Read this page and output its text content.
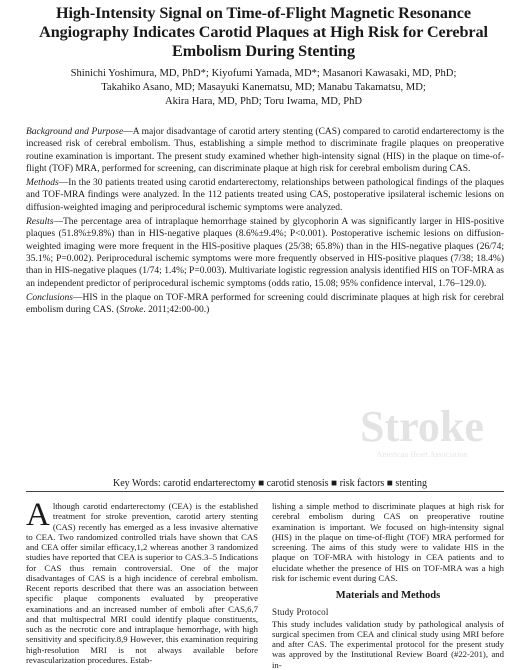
High-Intensity Signal on Time-of-Flight Magnetic Resonance Angiography Indicates Carotid Plaques at High Risk for Cerebral Embolism During Stenting
Shinichi Yoshimura, MD, PhD*; Kiyofumi Yamada, MD*; Masanori Kawasaki, MD, PhD;
Takahiko Asano, MD; Masayuki Kanematsu, MD; Manabu Takamatsu, MD;
Akira Hara, MD, PhD; Toru Iwama, MD, PhD

Background and Purpose—A major disadvantage of carotid artery stenting (CAS) compared to carotid endarterectomy is the increased risk of cerebral embolism. Thus, establishing a simple method to discriminate fragile plaques on preoperative routine examination is important. The present study examined whether high-intensity signal (HIS) in the plaque on time-of-flight (TOF) MRA, performed for screening, can discriminate plaque at high risk for cerebral embolism during CAS.

Methods—In the 30 patients treated using carotid endarterectomy, relationships between pathological findings of the plaques and TOF-MRA findings were analyzed. In the 112 patients treated using CAS, postoperative ipsilateral ischemic lesions on diffusion-weighted imaging and periprocedural ischemic symptoms were analyzed.

Results—The percentage area of intraplaque hemorrhage stained by glycophorin A was significantly larger in HIS-positive plaques (51.8%±9.8%) than in HIS-negative plaques (8.6%±9.4%; P<0.001). Postoperative ischemic lesions on diffusion-weighted imaging were more frequent in the HIS-positive plaques (25/38; 65.8%) than in the HIS-negative plaques (26/74; 35.1%; P=0.002). Periprocedural ischemic symptoms were more frequently observed in HIS-positive plaques (7/38; 18.4%) than in HIS-negative plaques (1/74; 1.4%; P=0.003). Multivariate logistic regression analysis identified HIS on TOF-MRA as an independent predictor of periprocedural ischemic symptoms (odds ratio, 15.08; 95% confidence interval, 1.76–129.0).

Conclusions—HIS in the plaque on TOF-MRA performed for screening could discriminate plaques at high risk for cerebral embolism during CAS. (Stroke. 2011;42:00-00.)

Stroke
American Heart Association
Key Words: carotid endarterectomy ■ carotid stenosis ■ risk factors ■ stenting

Although carotid endarterectomy (CEA) is the established treatment for stroke prevention, carotid artery stenting (CAS) recently has emerged as a less invasive alternative to CEA. Two randomized controlled trials have shown that CAS and CEA offer similar efficacy,1,2 whereas another 3 randomized studies have reported that CEA is superior to CAS.3–5 Indications for CAS thus remain controversial. One of the major disadvantages of CAS is a high incidence of cerebral embolism. Recent reports described that there was an association between specific plaque components evaluated by preoperative examinations and an increased number of emboli after CAS,6,7 and that multispectral MRI could identify plaque constituents, such as the necrotic core and intraplaque hemorrhage, with high sensitivity and specificity.8,9 However, this examination requiring high-resolution MRI is not always available before revascularization procedures. Estab-

lishing a simple method to discriminate plaques at high risk for cerebral embolism during CAS on preoperative routine examination is important. We focused on high-intensity signal (HIS) in the plaque on time-of-flight (TOF) MRA performed for screening. The aims of this study were to validate HIS in the plaque on TOF-MRA with histology in CEA patients and to elucidate whether the presence of HIS on TOF-MRA was a high risk for ischemic event during CAS.

Materials and Methods
Study Protocol

This study includes validation study by pathological analysis of surgical specimen from CEA and clinical study using MRI before and after CAS. The experimental protocol for the present study was approved by the Institutional Review Board (#22-201), and in-
